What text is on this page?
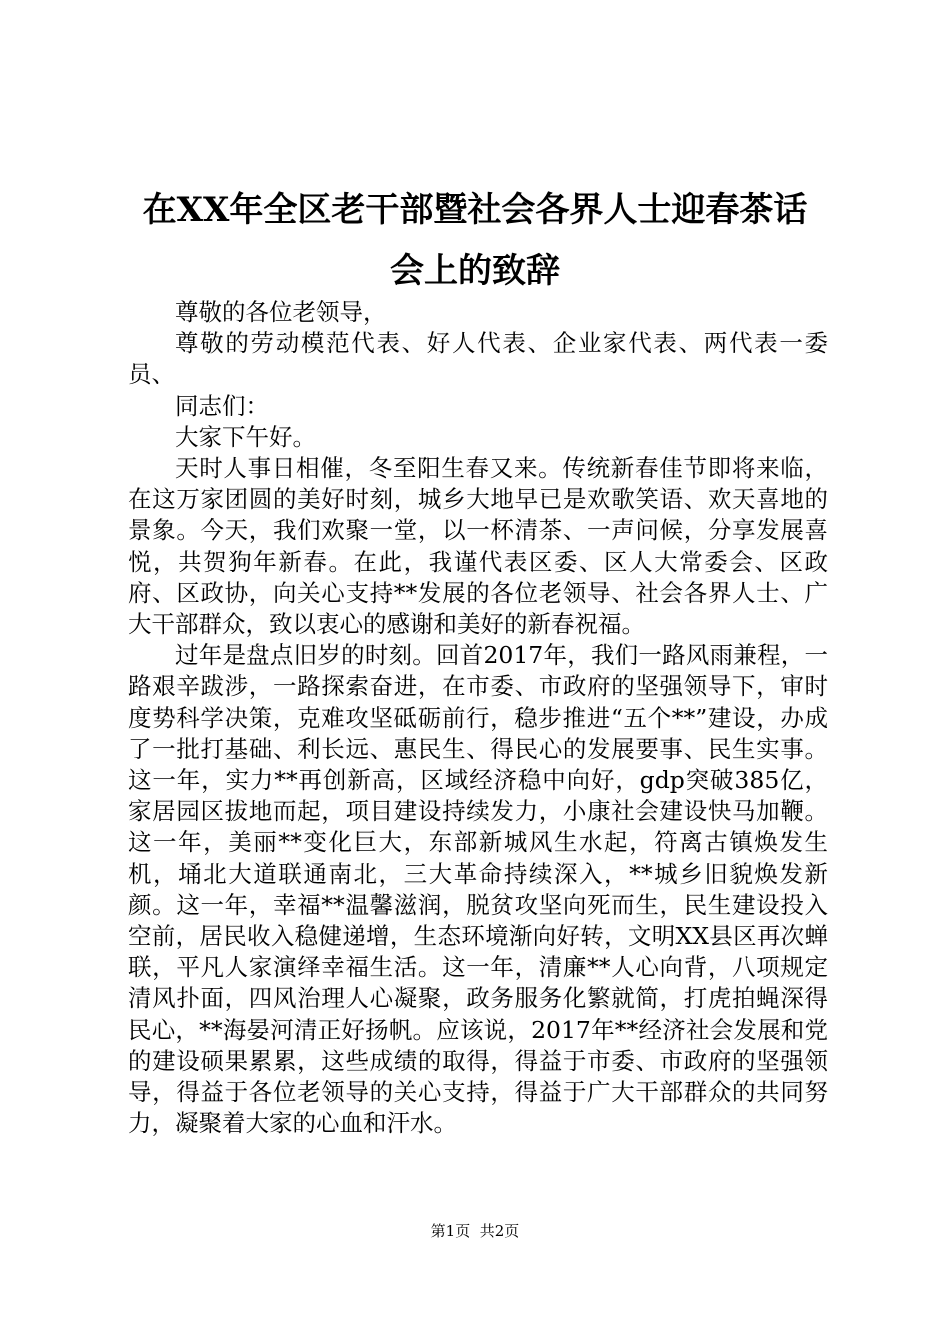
在XX年全区老干部暨社会各界人士迎春茶话
会上的致辞

尊敬的各位老领导，

尊敬的劳动模范代表、好人代表、企业家代表、两代表一委员、

同志们：

大家下午好。

天时人事日相催，冬至阳生春又来。传统新春佳节即将来临，在这万家团圆的美好时刻，城乡大地早已是欢歌笑语、欢天喜地的景象。今天，我们欢聚一堂，以一杯清茶、一声问候，分享发展喜悦，共贺狗年新春。在此，我谨代表区委、区人大常委会、区政府、区政协，向关心支持**发展的各位老领导、社会各界人士、广大干部群众，致以衷心的感谢和美好的新春祝福。

过年是盘点旧岁的时刻。回首2017年，我们一路风雨兼程，一路艰辛跋涉，一路探索奋进，在市委、市政府的坚强领导下，审时度势科学决策，克难攻坚砥砺前行，稳步推进“五个**”建设，办成了一批打基础、利长远、惠民生、得民心的发展要事、民生实事。这一年，实力**再创新高，区域经济稳中向好，gdp突破385亿，家居园区拔地而起，项目建设持续发力，小康社会建设快马加鞭。这一年，美丽**变化巨大，东部新城风生水起，符离古镇焕发生机，埇北大道联通南北，三大革命持续深入，**城乡旧貌焕发新颜。这一年，幸福**温馨滋润，脱贫攻坚向死而生，民生建设投入空前，居民收入稳健递增，生态环境渐向好转，文明XX县区再次蝉联，平凡人家演绎幸福生活。这一年，清廉**人心向背，八项规定清风扑面，四风治理人心凝聚，政务服务化繁就简，打虎拍蝇深得民心，**海晏河清正好扬帆。应该说，2017年**经济社会发展和党的建设硕果累累，这些成绩的取得，得益于市委、市政府的坚强领导，得益于各位老领导的关心支持，得益于广大干部群众的共同努力，凝聚着大家的心血和汗水。

第1页 共2页
